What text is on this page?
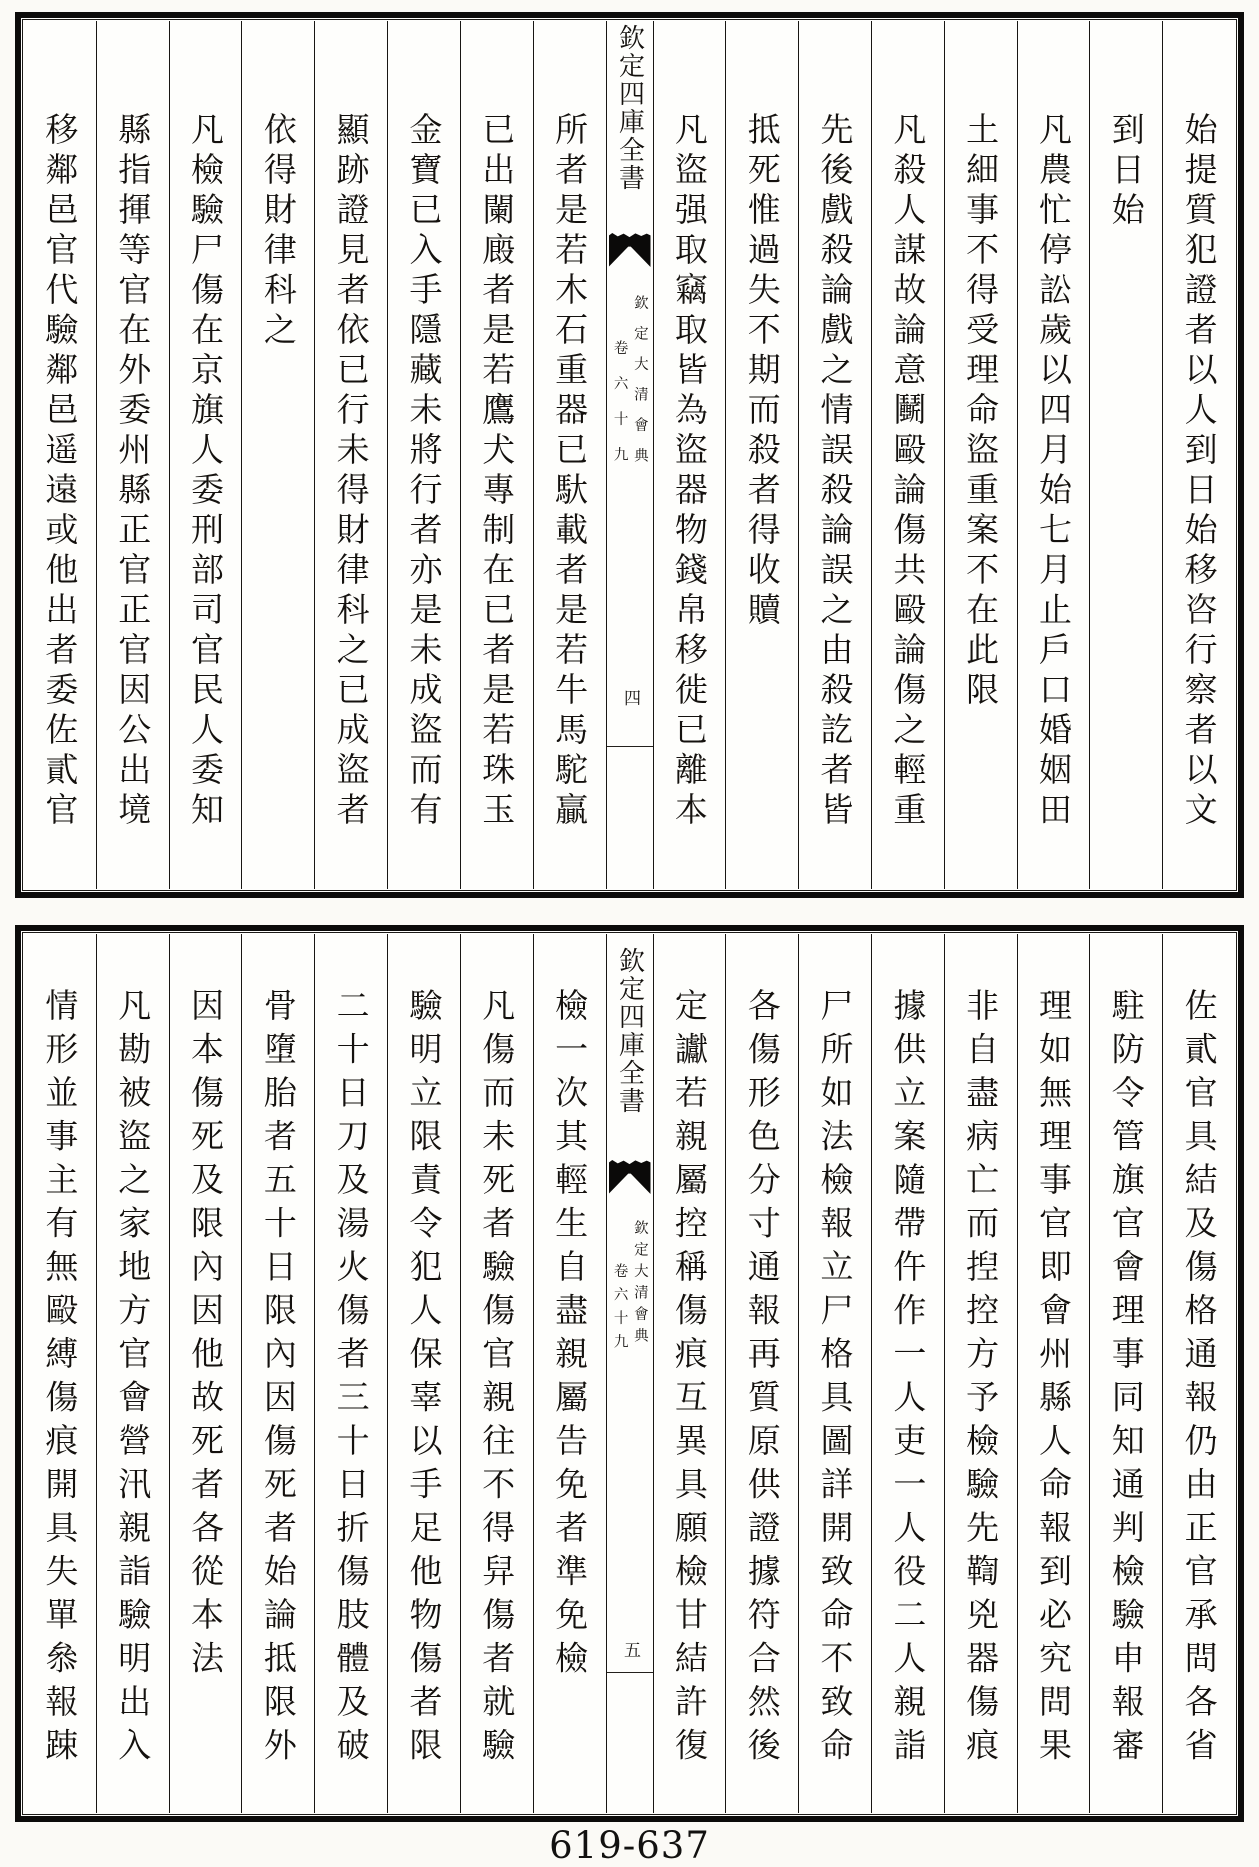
始提質犯證者以人到日始移咨行察者以文
到日始
凡農忙停訟歲以四月始七月止戶口婚姻田
土細事不得受理命盜重案不在此限
凡殺人謀故論意鬭毆論傷共毆論傷之輕重
先後戲殺論戲之情誤殺論誤之由殺訖者皆
抵死惟過失不期而殺者得收贖
凡盜强取竊取皆為盜器物錢帛移徙已離本
欽定四庫全書
欽定大清會典
卷六十九
四
所者是若木石重器已馱載者是若牛馬駝贏
已出闌廄者是若鷹犬專制在已者是若珠玉
金寶已入手隱藏未將行者亦是未成盜而有
顯跡證見者依已行未得財律科之已成盜者
依得財律科之
凡檢驗尸傷在京旗人委刑部司官民人委知
縣指揮等官在外委州縣正官正官因公出境
移鄰邑官代驗鄰邑遥遠或他出者委佐貳官
佐貳官具結及傷格通報仍由正官承問各省
駐防令管旗官會理事同知通判檢驗申報審
理如無理事官即會州縣人命報到必究問果
非自盡病亡而揑控方予檢驗先鞫兇器傷痕
據供立案隨帶仵作一人吏一人役二人親詣
尸所如法檢報立尸格具圖詳開致命不致命
各傷形色分寸通報再質原供證據符合然後
定讞若親屬控稱傷痕互異具願檢甘結許復
欽定四庫全書
欽定大清會典
卷六十九
五
檢一次其輕生自盡親屬告免者準免檢
凡傷而未死者驗傷官親往不得舁傷者就驗
驗明立限責令犯人保辜以手足他物傷者限
二十日刀及湯火傷者三十日折傷肢體及破
骨墮胎者五十日限內因傷死者始論抵限外
因本傷死及限內因他故死者各從本法
凡勘被盜之家地方官會營汛親詣驗明出入
情形並事主有無毆縛傷痕開具失單叅報踈
619-637
